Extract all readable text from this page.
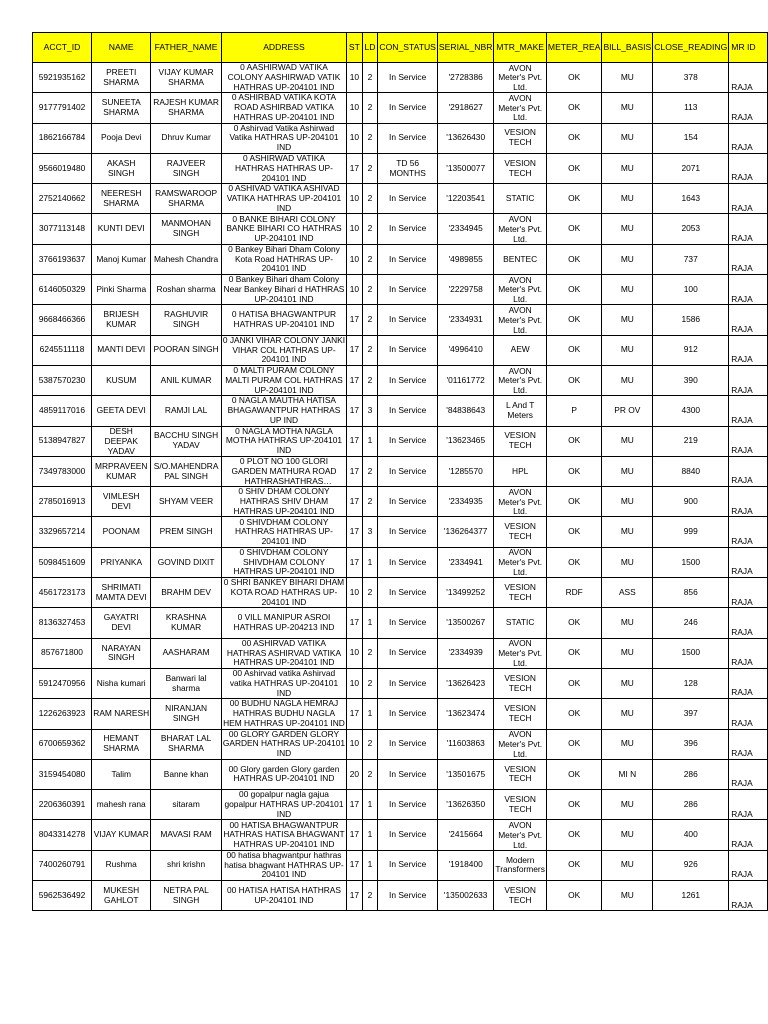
ACCT_ID	NAME	FATHER_NAME	ADDRESS	ST	LD	CON_STATUS	SERIAL_NBR	MTR_MAKE	METER_REA	BILL_BASIS	CLOSE_READING	MR ID

5921935162	PREETI SHARMA	VIJAY KUMAR SHARMA	0 AASHIRWAD VATIKA COLONY AASHIRWAD VATIK HATHRAS UP-204101 IND	10	2	In Service	'2728386	AVON Meter's Pvt. Ltd.	OK	MU	378	RAJA

9177791402	SUNEETA SHARMA	RAJESH KUMAR SHARMA	0 ASHIRBAD VATIKA KOTA ROAD ASHIRBAD VATIKA HATHRAS UP-204101 IND	10	2	In Service	'2918627	AVON Meter's Pvt. Ltd.	OK	MU	113	RAJA

1862166784	Pooja Devi	Dhruv Kumar	0 Ashirvad Vatika Ashirwad Vatika HATHRAS UP-204101 IND	10	2	In Service	'13626430	VESION TECH	OK	MU	154	RAJA

9566019480	AKASH SINGH	RAJVEER SINGH	0 ASHIRWAD VATIKA HATHRAS HATHRAS UP-204101 IND	17	2	TD 56 MONTHS	'13500077	VESION TECH	OK	MU	2071	RAJA

2752140662	NEERESH SHARMA	RAMSWAROOP SHARMA	0 ASHIVAD VATIKA ASHIVAD VATIKA HATHRAS UP-204101 IND	10	2	In Service	'12203541	STATIC	OK	MU	1643	RAJA

3077113148	KUNTI DEVI	MANMOHAN SINGH	0 BANKE BIHARI COLONY BANKE BIHARI CO HATHRAS UP-204101 IND	10	2	In Service	'2334945	AVON Meter's Pvt. Ltd.	OK	MU	2053	RAJA

3766193637	Manoj Kumar	Mahesh Chandra	0 Bankey Bihari Dham Colony Kota Road HATHRAS UP-204101 IND	10	2	In Service	'4989855	BENTEC	OK	MU	737	RAJA

6146050329	Pinki Sharma	Roshan sharma	0 Bankey Bihari dham Colony Near Bankey Bihari d HATHRAS UP-204101 IND	10	2	In Service	'2229758	AVON Meter's Pvt. Ltd.	OK	MU	100	RAJA

9668466366	BRIJESH KUMAR	RAGHUVIR SINGH	0 HATISA BHAGWANTPUR HATHRAS UP-204101 IND	17	2	In Service	'2334931	AVON Meter's Pvt. Ltd.	OK	MU	1586	RAJA

6245511118	MANTI DEVI	POORAN SINGH	0 JANKI VIHAR COLONY JANKI VIHAR COL HATHRAS UP-204101 IND	17	2	In Service	'4996410	AEW	OK	MU	912	RAJA

5387570230	KUSUM	ANIL KUMAR	0 MALTI PURAM COLONY MALTI PURAM COL HATHRAS UP-204101 IND	17	2	In Service	'01161772	AVON Meter's Pvt. Ltd.	OK	MU	390	RAJA

4859117016	GEETA DEVI	RAMJI LAL	0 NAGLA MAUTHA HATISA BHAGAWANTPUR HATHRAS UP IND	17	3	In Service	'84838643	L And T Meters	P	PR OV	4300	RAJA

5138947827	DESH DEEPAK YADAV	BACCHU SINGH YADAV	0 NAGLA MOTHA NAGLA MOTHA HATHRAS UP-204101 IND	17	1	In Service	'13623465	VESION TECH	OK	MU	219	RAJA

7349783000	MRPRAVEEN KUMAR	S/O.MAHENDRA PAL SINGH	0 PLOT NO 100 GLORI GARDEN MATHURA ROAD HATHRASHATHRAS	17	2	In Service	'1285570	HPL	OK	MU	8840	RAJA

2785016913	VIMLESH DEVI	SHYAM VEER	0 SHIV DHAM COLONY HATHRAS SHIV DHAM HATHRAS UP-204101 IND	17	2	In Service	'2334935	AVON Meter's Pvt. Ltd.	OK	MU	900	RAJA

3329657214	POONAM	PREM SINGH	0 SHIVDHAM COLONY HATHRAS HATHRAS UP-204101 IND	17	3	In Service	'136264377	VESION TECH	OK	MU	999	RAJA

5098451609	PRIYANKA	GOVIND DIXIT	0 SHIVDHAM COLONY SHIVDHAM COLONY HATHRAS UP-204101 IND	17	1	In Service	'2334941	AVON Meter's Pvt. Ltd.	OK	MU	1500	RAJA

4561723173	SHRIMATI MAMTA DEVI	BRAHM DEV	0 SHRI BANKEY BIHARI DHAM KOTA ROAD HATHRAS UP-204101 IND	10	2	In Service	'13499252	VESION TECH	RDF	ASS	856	RAJA

8136327453	GAYATRI DEVI	KRASHNA KUMAR	0 VILL MANIPUR ASROI HATHRAS UP-204213 IND	17	1	In Service	'13500267	STATIC	OK	MU	246	RAJA

857671800	NARAYAN SINGH	AASHARAM	00 ASHIRVAD VATIKA HATHRAS ASHIRVAD VATIKA HATHRAS UP-204101 IND	10	2	In Service	'2334939	AVON Meter's Pvt. Ltd.	OK	MU	1500	RAJA

5912470956	Nisha kumari	Banwari lal sharma	00 Ashirvad vatika Ashirvad vatika HATHRAS UP-204101 IND	10	2	In Service	'13626423	VESION TECH	OK	MU	128	RAJA

1226263923	RAM NARESH	NIRANJAN SINGH	00 BUDHU NAGLA HEMRAJ HATHRAS BUDHU NAGLA HEM HATHRAS UP-204101 IND	17	1	In Service	'13623474	VESION TECH	OK	MU	397	RAJA

6700659362	HEMANT SHARMA	BHARAT LAL SHARMA	00 GLORY GARDEN GLORY GARDEN HATHRAS UP-204101 IND	10	2	In Service	'11603863	AVON Meter's Pvt. Ltd.	OK	MU	396	RAJA

3159454080	Talim	Banne khan	00 Glory garden Glory garden HATHRAS UP-204101 IND	20	2	In Service	'13501675	VESION TECH	OK	MI N	286	RAJA

2206360391	mahesh rana	sitaram	00 gopalpur nagla gajua gopalpur HATHRAS UP-204101 IND	17	1	In Service	'13626350	VESION TECH	OK	MU	286	RAJA

8043314278	VIJAY KUMAR	MAVASI RAM	00 HATISA BHAGWANTPUR HATHRAS HATISA BHAGWANT HATHRAS UP-204101 IND	17	1	In Service	'2415664	AVON Meter's Pvt. Ltd.	OK	MU	400	RAJA

7400260791	Rushma	shri krishn	00 hatisa bhagwantpur hathras hatisa bhagwant HATHRAS UP-204101 IND	17	1	In Service	'1918400	Modern Transformers	OK	MU	926	RAJA

5962536492	MUKESH GAHLOT	NETRA PAL SINGH	00 HATISA HATISA HATHRAS UP-204101 IND	17	2	In Service	'135002633	VESION TECH	OK	MU	1261	RAJA
